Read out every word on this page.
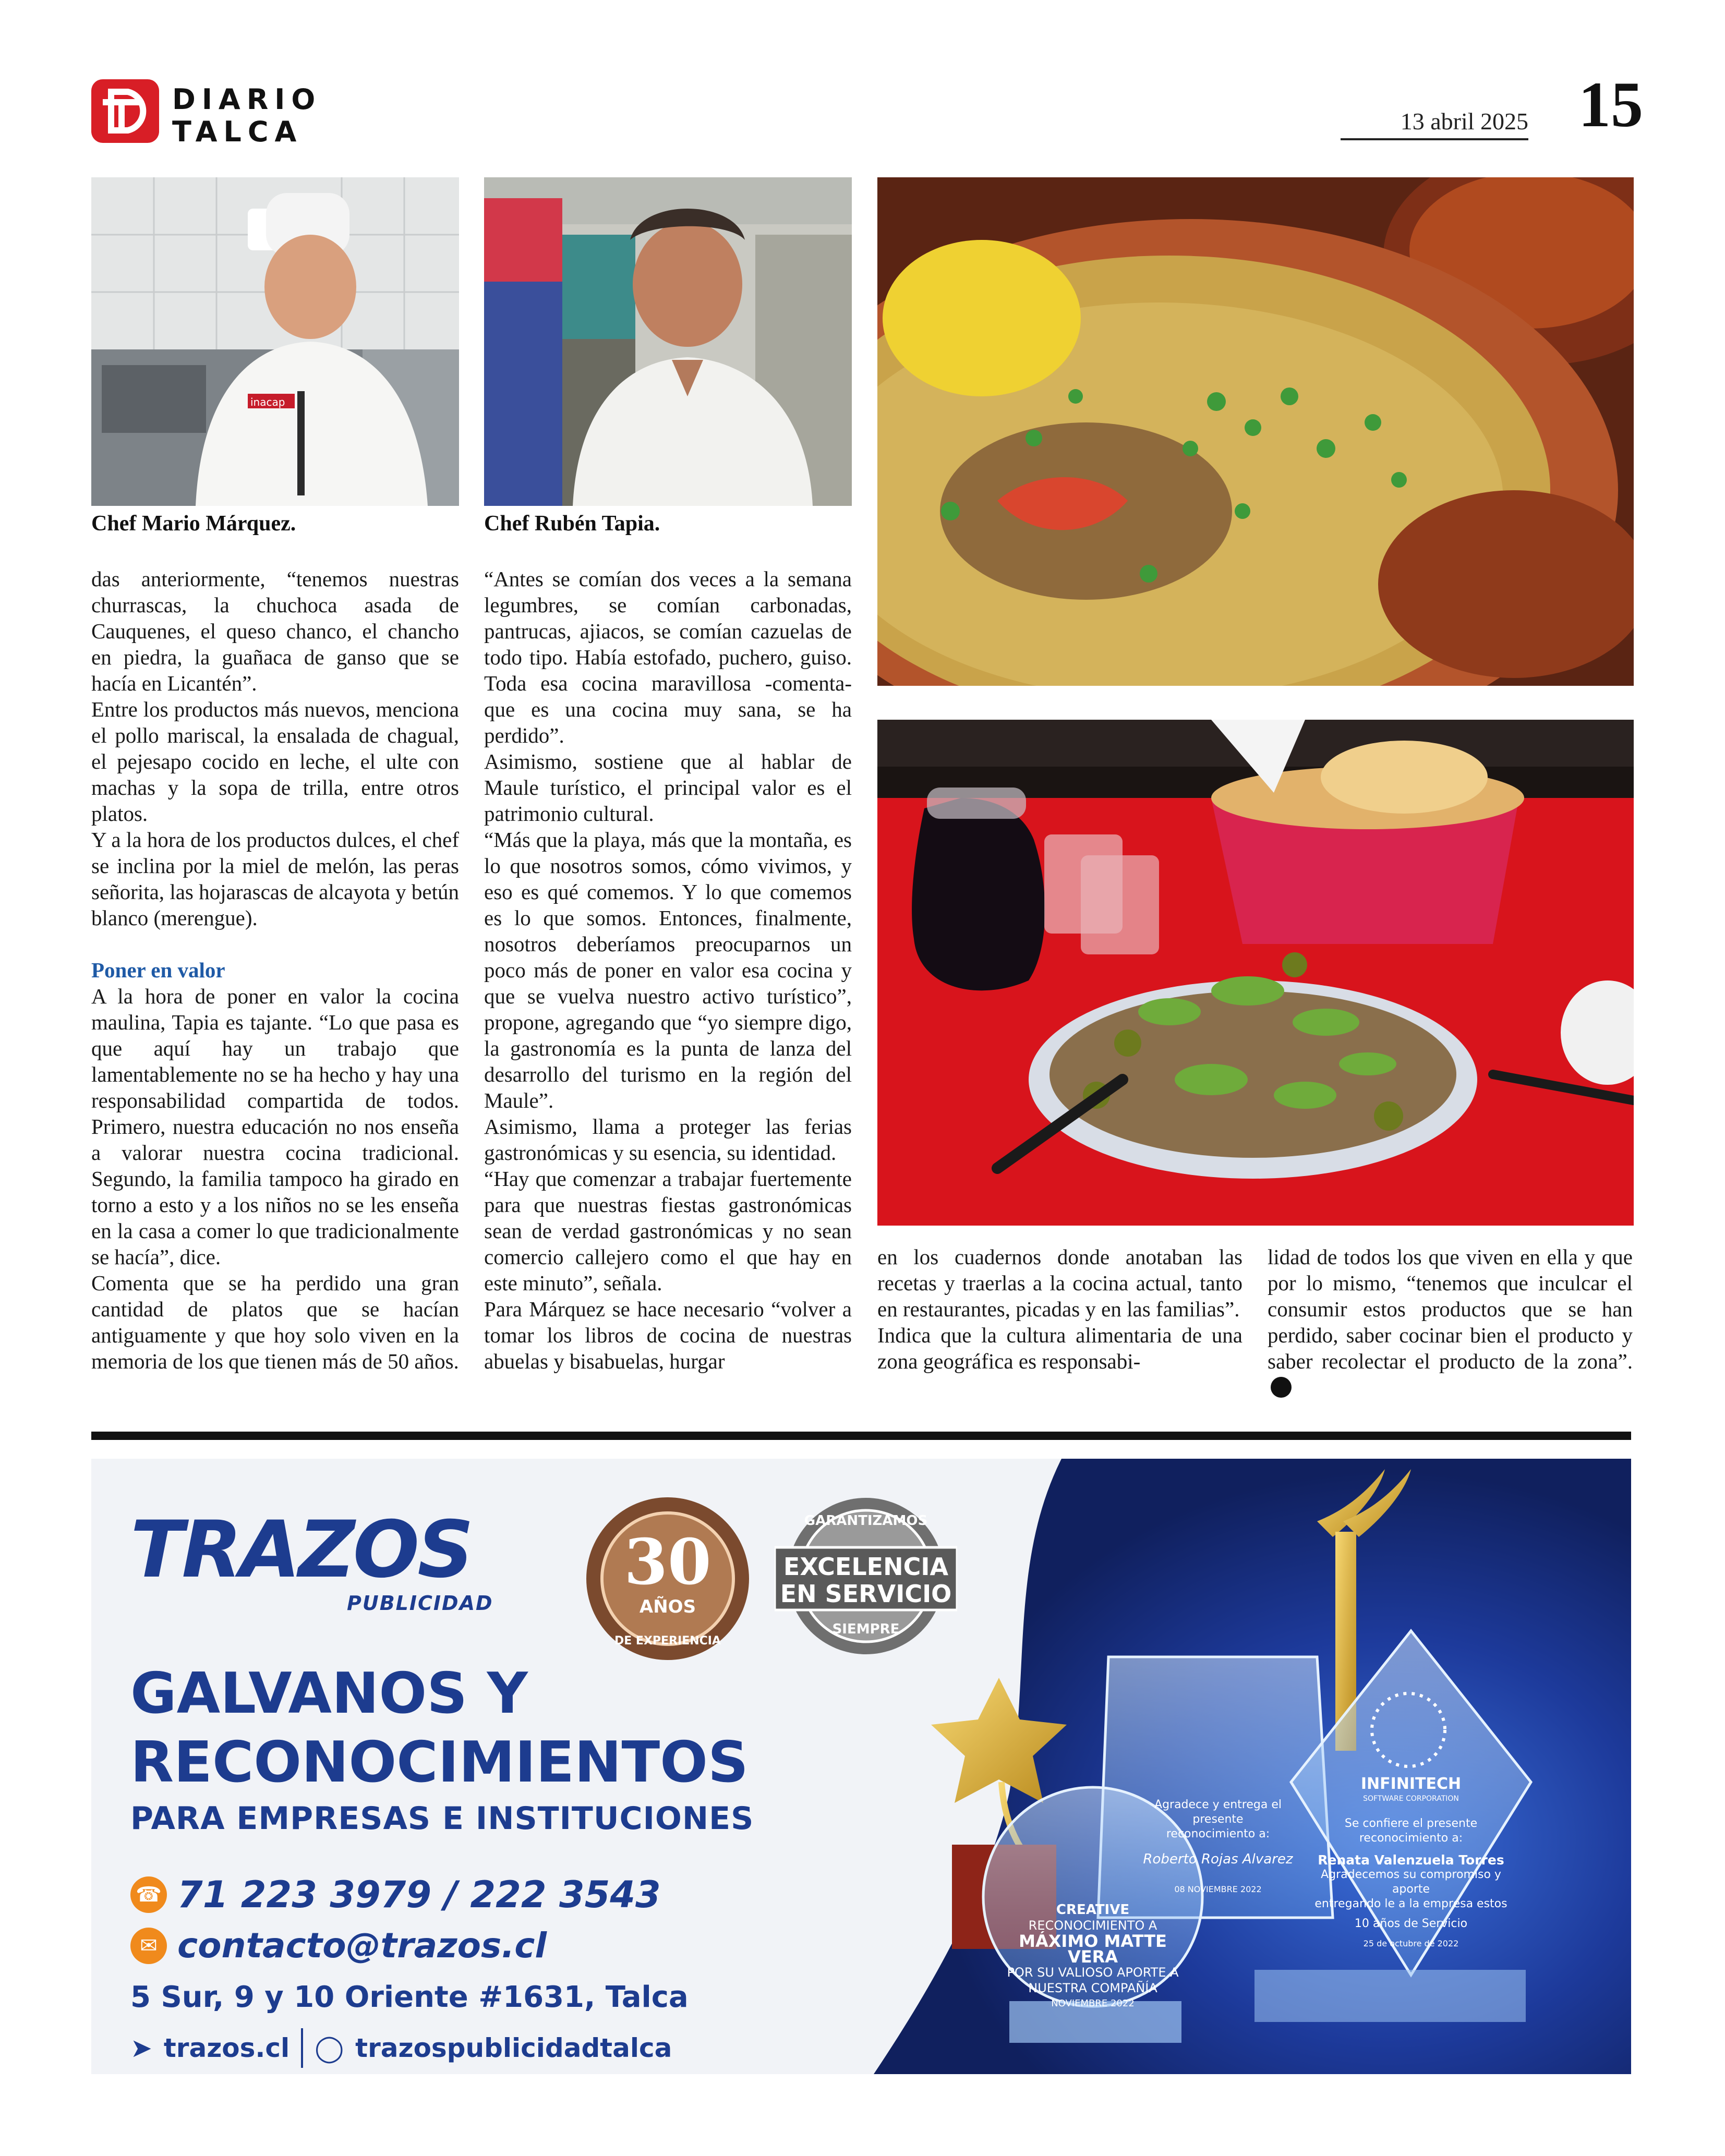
DIARIO
TALCA	13 abril 2025 15
inacap
Chef Mario Márquez.	Chef Rubén Tapia.

das anteriormente, “tenemos nuestras churrascas, la chuchoca asada de Cauquenes, el queso chanco, el chancho en piedra, la guañaca de ganso que se hacía en Licantén”.

Entre los productos más nuevos, menciona el pollo mariscal, la ensalada de chagual, el pejesapo cocido en leche, el ulte con machas y la sopa de trilla, entre otros platos.

Y a la hora de los productos dulces, el chef se inclina por la miel de melón, las peras señorita, las hojarascas de alcayota y betún blanco (merengue).

Poner en valor

A la hora de poner en valor la cocina maulina, Tapia es tajante. “Lo que pasa es que aquí hay un trabajo que lamentablemente no se ha hecho y hay una responsabilidad compartida de todos. Primero, nuestra educación no nos enseña a valorar nuestra cocina tradicional. Segundo, la familia tampoco ha girado en torno a esto y a los niños no se les enseña en la casa a comer lo que tradicionalmente se hacía”, dice.

Comenta que se ha perdido una gran cantidad de platos que se hacían antiguamente y que hoy solo viven en la memoria de los que tienen más de 50 años.

“Antes se comían dos veces a la semana legumbres, se comían carbonadas, pantrucas, ajiacos, se comían cazuelas de todo tipo. Había estofado, puchero, guiso. Toda esa cocina maravillosa -comenta- que es una cocina muy sana, se ha perdido”.

Asimismo, sostiene que al hablar de Maule turístico, el principal valor es el patrimonio cultural.

“Más que la playa, más que la montaña, es lo que nosotros somos, cómo vivimos, y eso es qué comemos. Y lo que comemos es lo que somos. Entonces, finalmente, nosotros deberíamos preocuparnos un poco más de poner en valor esa cocina y que se vuelva nuestro activo turístico”, propone, agregando que “yo siempre digo, la gastronomía es la punta de lanza del desarrollo del turismo en la región del Maule”.

Asimismo, llama a proteger las ferias gastronómicas y su esencia, su identidad.

“Hay que comenzar a trabajar fuertemente para que nuestras fiestas gastronómicas sean de verdad gastronómicas y no sean comercio callejero como el que hay en este minuto”, señala.

Para Márquez se hace necesario “volver a tomar los libros de cocina de nuestras abuelas y bisabuelas, hurgar

en los cuadernos donde anotaban las recetas y traerlas a la cocina actual, tanto en restaurantes, picadas y en las familias”.

Indica que la cultura alimentaria de una zona geográfica es responsabi-

lidad de todos los que viven en ella y que por lo mismo, “tenemos que inculcar el consumir estos productos que se han perdido, saber cocinar bien el producto y saber recolectar el producto de la zona”.

TRAZOS
PUBLICIDAD
30
AÑOS
DE EXPERIENCIA
GARANTIZAMOS
EXCELENCIA
EN SERVICIO
SIEMPRE
GALVANOS Y
RECONOCIMIENTOS
PARA EMPRESAS E INSTITUCIONES
☎ 71 223 3979 / 222 3543
✉ contacto@trazos.cl
5 Sur, 9 y 10 Oriente #1631, Talca
➤ trazos.cl ◯ trazospublicidadtalca
CREATIVE
RECONOCIMIENTO A
MÁXIMO MATTE VERA
POR SU VALIOSO APORTE A
NUESTRA COMPAÑÍA
NOVIEMBRE 2022
Agradece y entrega el presente
reconocimiento a:
Roberto Rojas Alvarez
08 NOVIEMBRE 2022
INFINITECH
SOFTWARE CORPORATION
Se confiere el presente reconocimiento a:
Renata Valenzuela Torres
Agradecemos su compromiso y aporte
entregando le a la empresa estos
10 años de Servicio
25 de octubre de 2022
